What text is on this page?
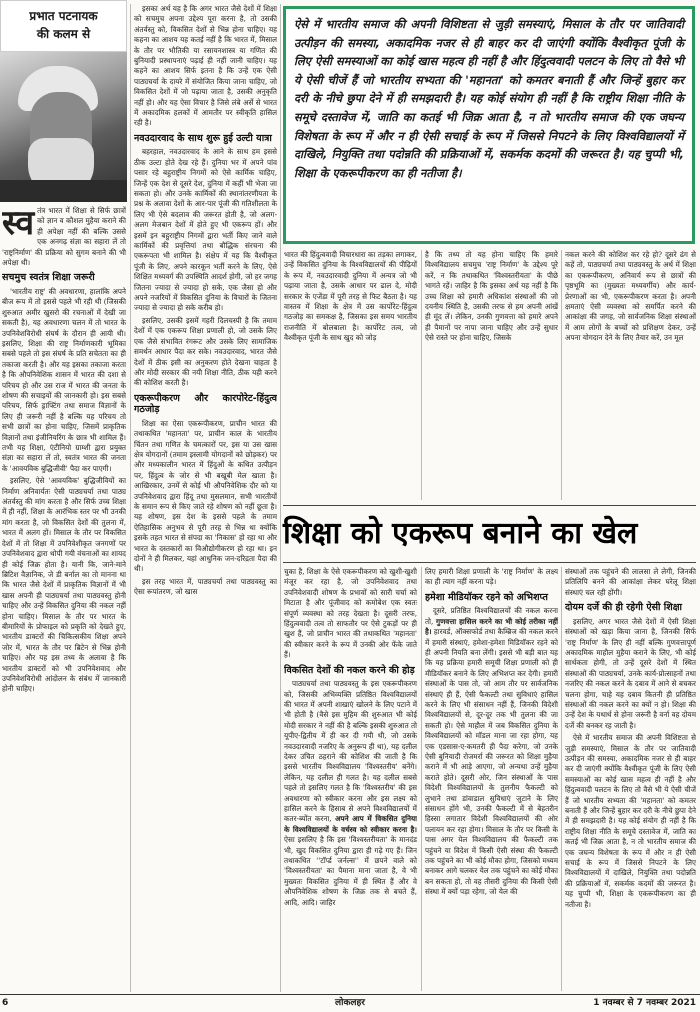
प्रभात पटनायक
की कलम से

स्व तंत्र भारत में शिक्षा से सिर्फ छात्रों को ज्ञान व कौशल मुहैया कराने की ही अपेक्षा नहीं की बल्कि उससे एक अनगढ़ संज्ञा का सहारा लें तो 'राष्ट्रनिर्माण' की प्रक्रिया को सुगम बनाने की भी अपेक्षा थी।

सचमुच स्वतंत्र शिक्षा जरूरी

'भारतीय राष्ट्र' की अवधारणा, हालांकि अपने बीज रूप में तो इससे पहले भी रही थी (जिसकी शुरुआत अमीर खुसरो की रचनाओं में देखी जा सकती है), यह अवधारणा चलन में तो भारत के उपनिवेशविरोधी संघर्ष के दौरान ही आयी थी। इसलिए, शिक्षा की राष्ट्र निर्माणकारी भूमिका सबसे पहले तो इस संघर्ष के प्रति सचेतता का ही तकाजा करती है। और यह इसका तकाजा करता है कि औपनिवेशिक शासन में भारत की दशा से परिचय हो और उस राज में भारत की जनता के शोषण की सचाइयों की जानकारी हो। इस सबसे परिचय, सिर्फ ड्राफ्टिंग तथा समाज विज्ञानों के लिए ही जरूरी नहीं है बल्कि यह परिचय तो सभी छात्रों का होना चाहिए, जिसमें प्राकृतिक विज्ञानों तथा इंजीनियरिंग के छात्र भी शामिल हैं। तभी यह शिक्षा, एंटीनियो ग्राम्शी द्वारा प्रयुक्त संज्ञा का सहारा लें तो, स्वतंत्र भारत की जनता के 'आवयविक बुद्धिजीवी' पैदा कर पाएगी।

इसलिए, ऐसे 'आवयविक' बुद्धिजीवियों का निर्माण अनिवार्यतः ऐसी पाठ्यचर्या तथा पाठ्य अंतर्वस्तु की मांग करता है और सिर्फ उच्च शिक्षा में ही नहीं, शिक्षा के आरंभिक स्तर पर भी उनकी मांग करता है, जो विकसित देशों की तुलना में, भारत में अलग हों। मिसाल के तौर पर विकसित देशों में तो शिक्षा में उपनिवेशीकृत जनगणों पर उपनिवेशवाद द्वारा थोपी गयी वंचनाओं का शायद ही कोई जिक्र होता है। यानी कि, जाने-माने ब्रिटिश वैज्ञानिक, जे डी बर्नाल का तो मानना था कि भारत जैसे देशों में प्राकृतिक विज्ञानों में भी खास अपनी ही पाठ्यचर्या तथा पाठ्यवस्तु होनी चाहिए और उन्हें विकसित दुनिया की नकल नहीं होना चाहिए। मिसाल के तौर पर भारत के बीमारियों के प्रोफाइल को प्रकृति को देखते हुए, भारतीय डाक्टरों की चिकित्सकीय शिक्षा अपने जोर में, भारत के तौर पर ब्रिटेन से भिन्न होनी चाहिए। और यह इस तथ्य के अलावा है कि भारतीय डाक्टरों को भी उपनिवेशवाद और उपनिवेशविरोधी आंदोलन के संबंध में जानकारी होनी चाहिए।

इसका अर्थ यह है कि अगर भारत जैसे देशों में शिक्षा को सचमुच अपना उद्देश्य पूरा करना है, तो उसकी अंतर्वस्तु को, विकसित देशों से भिन्न होना चाहिए। यह कहना का आशय यह कतई नहीं है कि भारत में, मिसाल के तौर पर भौतिकी या रसायनशास्त्र या गणित की बुनियादी प्रस्थापनाएं पढ़ाई ही नहीं जानी चाहिए। यह कहने का आशय सिर्फ इतना है कि उन्हें एक ऐसी पाठ्यचर्या के दायरे में संयोजित किया जाना चाहिए, जो विकसित देशों में जो पढ़ाया जाता है, उसकी अनुकृति नहीं हो। और यह ऐसा विचार है जिसे लंबे अर्से से भारत में अकादमिक हलकों में आमतौर पर स्वीकृति हासिल रही है।

नवउदारवाद के साथ शुरू हुई उल्टी यात्रा

बहरहाल, नवउदारवाद के आने के साथ हम इससे ठीक उल्टा होते देख रहे हैं। दुनिया भर में अपने पांव पसार रहे बहुराष्ट्रीय निगमों को ऐसे कार्मिक चाहिए, जिन्हें एक देश से दूसरे देश, दुनिया में कहीं भी भेजा जा सकता हो। और उनके कार्मिकों की स्थानांतरणीयता के प्रश्न के अलावा देशों के आर-पार पूंजी की गतिशीलता के लिए भी ऐसे बदलाव की जरूरत होती है, जो अलग-अलग मेजबान देशों में होते हुए भी एकरूप हों। और इसमें इन बहुराष्ट्रीय निगमों द्वारा भर्ती किए जाने वाले कार्मिकों की प्रवृत्तियां तथा बौद्धिक संरचना की एकरूपता भी शामिल है। संक्षेप में यह कि वैश्वीकृत पूंजी के लिए, अपने कारकून भर्ती करने के लिए, ऐसे शिक्षित मध्यवर्ग की उपस्थिति आदर्श होगी, जो हर जगह जितना ज्यादा से ज्यादा हो सके, एक जैसा हो और अपने नजरियों में विकसित दुनिया के विचारों के जितना ज्यादा से ज्यादा हो सके करीब हो।

इसलिए, उसकी इसमें गहरी दिलचस्पी है कि तमाम देशों में एक एकरूप शिक्षा प्रणाली हो, जो उसके लिए एक जैसे संभावित रंगरूट और उसके लिए सामाजिक समर्थन आधार पैदा कर सके। नवउदारवाद, भारत जैसे देशों में ठीक इसी का अनुकरण होते देखना चाहता है और मोदी सरकार की नयी शिक्षा नीति, ठीक यही करने की कोशिश करती है।

एकरूपीकरण और कारपोरेट-हिंदुत्व गठजोड़

शिक्षा का ऐसा एकरूपीकरण, प्राचीन भारत की तथाकथित 'महानता' पर, प्राचीन काल के भारतीय चिंतन तथा गणित के चमत्कारों पर, इस या उस खास क्षेत्र योगदानों (तमाम इस्लामी योगदानों को छोड़कर) पर और मध्यकालीन भारत में हिंदुओं के कथित उत्पीड़न पर, हिंदुत्व के जोर से भी बखूबी मेल खाता है। आखिरकार, उनमें से कोई भी औपनिवेशिक दौर को या उपनिवेशवाद द्वारा हिंदू तथा मुसलमान, सभी भारतीयों के समान रूप से किए जाते रहे शोषण को नहीं छूता है। यह शोषण, इस देश के इससे पहले के तमाम ऐतिहासिक अनुभव से पूरी तरह से भिन्न था क्योंकि इसके तहत भारत से संपदा का 'निकास' हो रहा था और भारत के दस्तकारों का विऔद्योगीकरण हो रहा था। इन दोनों ने ही मिलकर, यहां आधुनिक जन-दरिद्रता पैदा की थी।

इस तरह भारत में, पाठ्यचर्या तथा पाठ्यवस्तु का ऐसा रूपांतरण, जो खास

ऐसे में भारतीय समाज की अपनी विशिष्टता से जुड़ी समस्याएं, मिसाल के तौर पर जातिवादी उत्पीड़न की समस्या, अकादमिक नजर से ही बाहर कर दी जाएंगी क्योंकि वैश्वीकृत पूंजी के लिए ऐसी समस्याओं का कोई खास महत्व ही नहीं है और हिंदुत्ववादी पलटन के लिए तो वैसे भी ये ऐसी चीजें हैं जो भारतीय सभ्यता की 'महानता' को कमतर बनाती हैं और जिन्हें बुहार कर दरी के नीचे छुपा देने में ही समझदारी है। यह कोई संयोग ही नहीं है कि राष्ट्रीय शिक्षा नीति के समूचे दस्तावेज में, जाति का कतई भी जिक्र आता है, न तो भारतीय समाज की एक जघन्य विशेषता के रूप में और न ही ऐसी सचाई के रूप में जिससे निपटने के लिए विश्वविद्यालयों में दाखिले, नियुक्ति तथा पदोन्नति की प्रक्रियाओं में, सकर्मक कदमों की जरूरत है। यह चुप्पी भी, शिक्षा के एकरूपीकरण का ही नतीजा है।

भारत की हिंदुत्ववादी विचारधारा का तड़का लगाकर, उन्हें विकसित दुनिया के विश्वविद्यालयों की पीढ़ियों के रूप में, नवउदारवादी दुनिया में अन्यत्र जो भी पढ़ाया जाता है, उसके आधार पर ढाल दे, मोदी सरकार के एजेंडा में पूरी तरह से फिट बैठता है। यह वास्तव में शिक्षा के क्षेत्र में उस कार्पोरेट-हिंदुत्व गठजोड़ का समकक्ष है, जिसका इस समय भारतीय राजनीति में बोलबाला है। कार्पोरेट तत्व, जो वैश्वीकृत पूंजी के साथ खुद को जोड़

है कि तथ्य तो यह होना चाहिए कि हमारे विश्वविद्यालय सचमुच 'राष्ट्र निर्माण' के उद्देश्य पूरे करें, न कि तथाकथित 'विश्वस्तरीयता' के पीछे भागते रहें। जाहिर है कि इसका अर्थ यह नहीं है कि उच्च शिक्षा को हमारी अधिकांश संस्थाओं की जो दयनीय स्थिति है, उसकी तरफ से हम अपनी आंखें ही मूंद लें। लेकिन, उनकी गुणवत्ता को हमारे अपने ही पैमानों पर नापा जाना चाहिए और उन्हें सुधार ऐसे रास्ते पर होना चाहिए, जिसके

नकल करने की कोशिश कर रहे हो? दूसरे ढंग से कहें तो, पाठ्यचर्या तथा पाठ्यवस्तु के अर्थ में शिक्षा का एकरूपीकरण, अनिवार्य रूप से छात्रों की पृष्ठभूमि का (मुख्यतः मध्यवर्गीय) और कार्य-प्रेरणाओं का भी, एकरूपीकरण करता है। अपनी क्षमताएं ऐसी व्यवस्था को समर्पित करने की आकांक्षा की जगह, जो सार्वजनिक शिक्षा संस्थाओं में आम लोगों के बच्चों को प्रशिक्षण देकर, उन्हें अपना योगदान देने के लिए तैयार करें, उन मूल

शिक्षा को एकरूप बनाने का खेल

चुका है, शिक्षा के ऐसे एकरूपीकरण को खुशी-खुशी मंजूर कर रहा है, जो उपनिवेशवाद तथा उपनिवेशवादी शोषण के प्रभावों को सारी चर्चा को मिटाता है और पूंजीवाद को कमोबेश एक स्वतः संपूर्ण व्यवस्था को तरह देखता है। दूसरी तरफ, हिंदुत्ववादी तत्व तो साफतौर पर ऐसे टुकड़ों पर ही खुश हैं, जो प्राचीन भारत की तथाकथित 'महानता' की स्वीकार करने के रूप में उनकी ओर फेंके जाते हैं।

विकसित देशों की नकल करने की होड़

पाठ्यचर्या तथा पाठ्यवस्तु के इस एकरूपीकरण को, जिसकी अभिव्यक्ति प्रतिष्ठित विश्वविद्यालयों की भारत में अपनी शाखाएं खोलने के लिए पटाने में भी होती है (वैसे इस मुहिम की शुरुआत भी कोई मोदी सरकार ने नहीं की है बल्कि इसकी शुरुआत तो यूपीए-द्वितीय में ही कर दी गयी थी, जो उसके नवउदारवादी नजरिए के अनुरूप ही था), यह दलील देकर उचित ठहराने की कोशिश की जाती है कि इससे भारतीय विश्वविद्यालय 'विश्वस्तरीय' बनेंगे। लेकिन, यह दलील ही गलत है। यह दलील सबसे पहले तो इसलिए गलत है कि 'विश्वस्तरीय' की इस अवधारणा को स्वीकार करना और इस लक्ष्य को हासिल करने के हिसाब से अपने विश्वविद्यालयों में कतर-ब्योंत करना, अपने आप में विकसित दुनिया के विश्वविद्यालयों के वर्चस्व को स्वीकार करना है। ऐसा इसलिए है कि इस 'विश्वस्तरीयता' के मानदंड भी, खुद विकसित दुनिया द्वारा ही गढ़े गए हैं। जिन तथाकथित ''टॉर्प्ड जर्नल्स'' में छपने वाले को 'विश्वस्तरीयता' का पैमाना माना जाता है, वे भी मुख्यतः विकसित दुनिया में ही स्थित हैं और वे औपनिवेशिक शोषण के जिक्र तक से बचते हैं, आदि, आदि। जाहिर

लिए हमारी शिक्षा प्रणाली के 'राष्ट्र निर्माण' के लक्ष्य का ही त्याग नहीं करना पड़े।

हमेशा मीडियॉकर रहने को अभिशप्त

दूसरे, प्रतिष्ठित विश्वविद्यालयों की नकल करना तो, गुणवत्ता हासिल करने का भी कोई तरीका नहीं है। हारवर्ड, ऑक्सफोर्ड तथा कैम्ब्रिज की नकल करने में हमारी संस्थाएं, हमेशा-हमेशा मिडियॉकर रहने को ही अपनी नियति बना लेंगी। इससे भी बड़ी बात यह कि यह प्रक्रिया हमारी समूची शिक्षा प्रणाली को ही मीडियॉकर बनाने के लिए अभिशप्त कर देगी। हमारी संस्थाओं के पास तो, जो आम तौर पर सार्वजनिक संस्थाएं ही हैं, ऐसी फैकल्टी तथा सुविधाएं हासिल करने के लिए भी संसाधन नहीं हैं, जिनकी विदेशी विश्वविद्यालयों से, दूर-दूर तक भी तुलना की जा सकती हो। ऐसे माहौल में जब विकसित दुनिया के विश्वविद्यालयों को मॉडल माना जा रहा होगा, यह एक एडसास-ए-कमतरी ही पैदा करेगा, जो उनके ऐसी बुनियादी रोजमर्रा की जरूरत को शिक्षा मुहैया कराने में भी आड़े आएगा, जो अन्यथा उन्हें मुहैया कराते होते। दूसरी ओर, जिन संस्थाओं के पास विदेशी विश्वविद्यालयों के तुलनीय फैकल्टी को लुभाने तथा डांवाडाल सुविधाएं जुटाने के लिए संसाधन होंगे भी, उनकी फैकल्टी में से बेहतरीन हिस्सा लगातार विदेशी विश्वविद्यालयों की ओर पलायन कर रहा होगा। मिसाल के तौर पर किसी के पास अगर येल विश्वविद्यालय की फैकल्टी तक पहुंचने या विदेश में किसी ऐसी संस्था की फैकल्टी तक पहुंचने का भी कोई मौका होगा, जिसको मध्यम बनाकर आगे चलकर येल तक पहुंचने का कोई मौका बन सकता हो, तो वह तीसरी दुनिया की किसी ऐसी संस्था में क्यों पड़ा रहेगा, जो येल की

संस्थाओं तक पहुंचने की लालसा ले लेगी, जिनकी प्रतिलिपि बनने की आकांक्षा लेकर घरेलू शिक्षा संस्थाएं चल रही होंगी।

दोयम दर्जे की ही रहेगी ऐसी शिक्षा

इसलिए, अगर भारत जैसे देशों में ऐसी शिक्षा संस्थाओं को खड़ा किया जाना है, जिनकी सिर्फ 'राष्ट्र निर्माण' के लिए ही नहीं बल्कि गुणवत्तापूर्ण अकादमिक माहौल मुहैया कराने के लिए, भी कोई सार्थकता होगी, तो उन्हें दूसरे देशों में स्थित संस्थाओं की पाठ्यचर्या, उनके कार्य-प्रोत्साहनों तथा नजरिए की नकल करने के दबाव में आने से बचकर चलना होगा, चाहे यह दबाव कितनी ही प्रतिष्ठित संस्थाओं की नकल करने का क्यों न हो। शिक्षा की उन्हें देश के यथार्थ से होना जरूरी है वर्ना वह दोयम दर्जे की बनकर रह जाती है।

ऐसे में भारतीय समाज की अपनी विशिष्टता से जुड़ी समस्याएं, मिसाल के तौर पर जातिवादी उत्पीड़न की समस्या, अकादमिक नजर से ही बाहर कर दी जाएंगी क्योंकि वैश्वीकृत पूंजी के लिए ऐसी समस्याओं का कोई खास महत्व ही नहीं है और हिंदुत्ववादी पलटन के लिए तो वैसे भी ये ऐसी चीजें हैं जो भारतीय सभ्यता की 'महानता' को कमतर बनाती हैं और जिन्हें बुहार कर दरी के नीचे छुपा देने में ही समझदारी है। यह कोई संयोग ही नहीं है कि राष्ट्रीय शिक्षा नीति के समूचे दस्तावेज में, जाति का कतई भी जिक्र आता है, न तो भारतीय समाज की एक जघन्य विशेषता के रूप में और न ही ऐसी सचाई के रूप में जिससे निपटने के लिए विश्वविद्यालयों में दाखिले, नियुक्ति तथा पदोन्नति की प्रक्रियाओं में, सकर्मक कदमों की जरूरत है। यह चुप्पी भी, शिक्षा के एकरूपीकरण का ही नतीजा है।

6	लोकलहर	1 नवम्बर से 7 नवम्बर 2021
